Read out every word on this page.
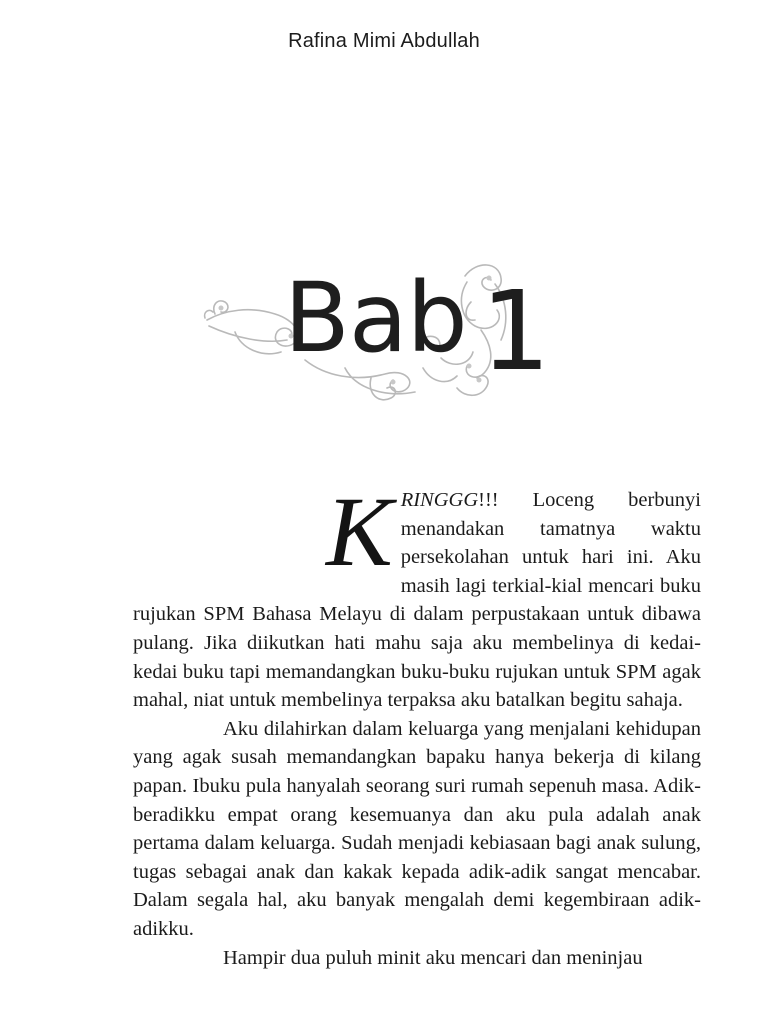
Rafina Mimi Abdullah
Bab 1

KRINGGG!!! Loceng berbunyi menandakan tamatnya waktu persekolahan untuk hari ini. Aku masih lagi terkial-kial mencari buku rujukan SPM Bahasa Melayu di dalam perpustakaan untuk dibawa pulang. Jika diikutkan hati mahu saja aku membelinya di kedai-kedai buku tapi memandangkan buku-buku rujukan untuk SPM agak mahal, niat untuk membelinya terpaksa aku batalkan begitu sahaja.

Aku dilahirkan dalam keluarga yang menjalani kehidupan yang agak susah memandangkan bapaku hanya bekerja di kilang papan. Ibuku pula hanyalah seorang suri rumah sepenuh masa. Adik-beradikku empat orang kesemuanya dan aku pula adalah anak pertama dalam keluarga. Sudah menjadi kebiasaan bagi anak sulung, tugas sebagai anak dan kakak kepada adik-adik sangat mencabar. Dalam segala hal, aku banyak mengalah demi kegembiraan adik-adikku.

Hampir dua puluh minit aku mencari dan meninjau
